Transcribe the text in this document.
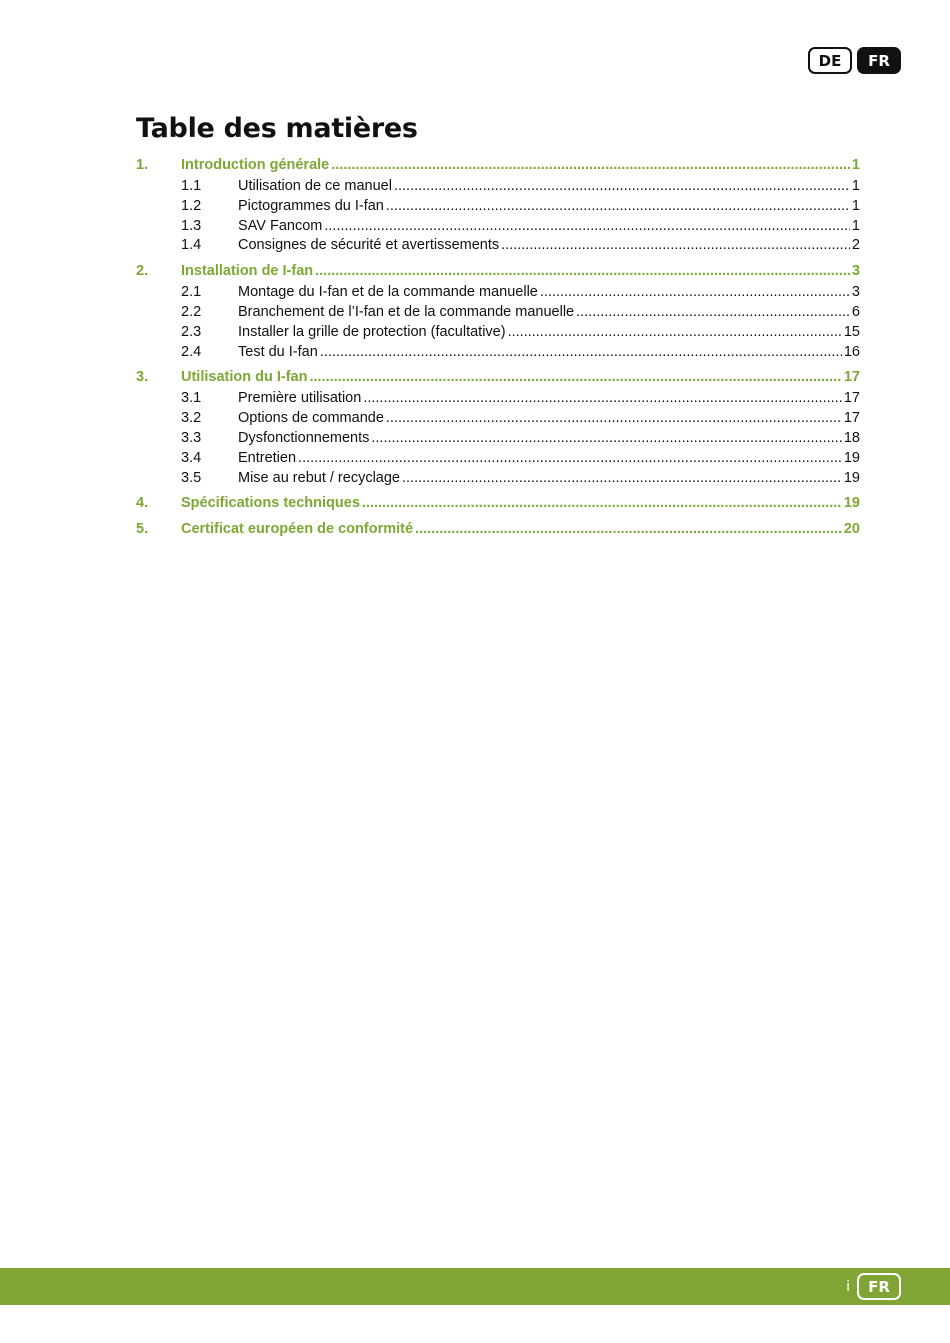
DE	FR
Table des matières
1.	Introduction générale .....	1
1.1	Utilisation de ce manuel .....	1
1.2	Pictogrammes du I-fan .....	1
1.3	SAV Fancom .....	1
1.4	Consignes de sécurité et avertissements .....	2
2.	Installation de I-fan .....	3
2.1	Montage du I-fan et de la commande manuelle .....	3
2.2	Branchement de l’I-fan et de la commande manuelle .....	6
2.3	Installer la grille de protection (facultative) .....	15
2.4	Test du I-fan .....	16
3.	Utilisation du I-fan .....	17
3.1	Première utilisation .....	17
3.2	Options de commande .....	17
3.3	Dysfonctionnements .....	18
3.4	Entretien .....	19
3.5	Mise au rebut / recyclage .....	19
4.	Spécifications techniques .....	19
5.	Certificat européen de conformité .....	20
i	FR
